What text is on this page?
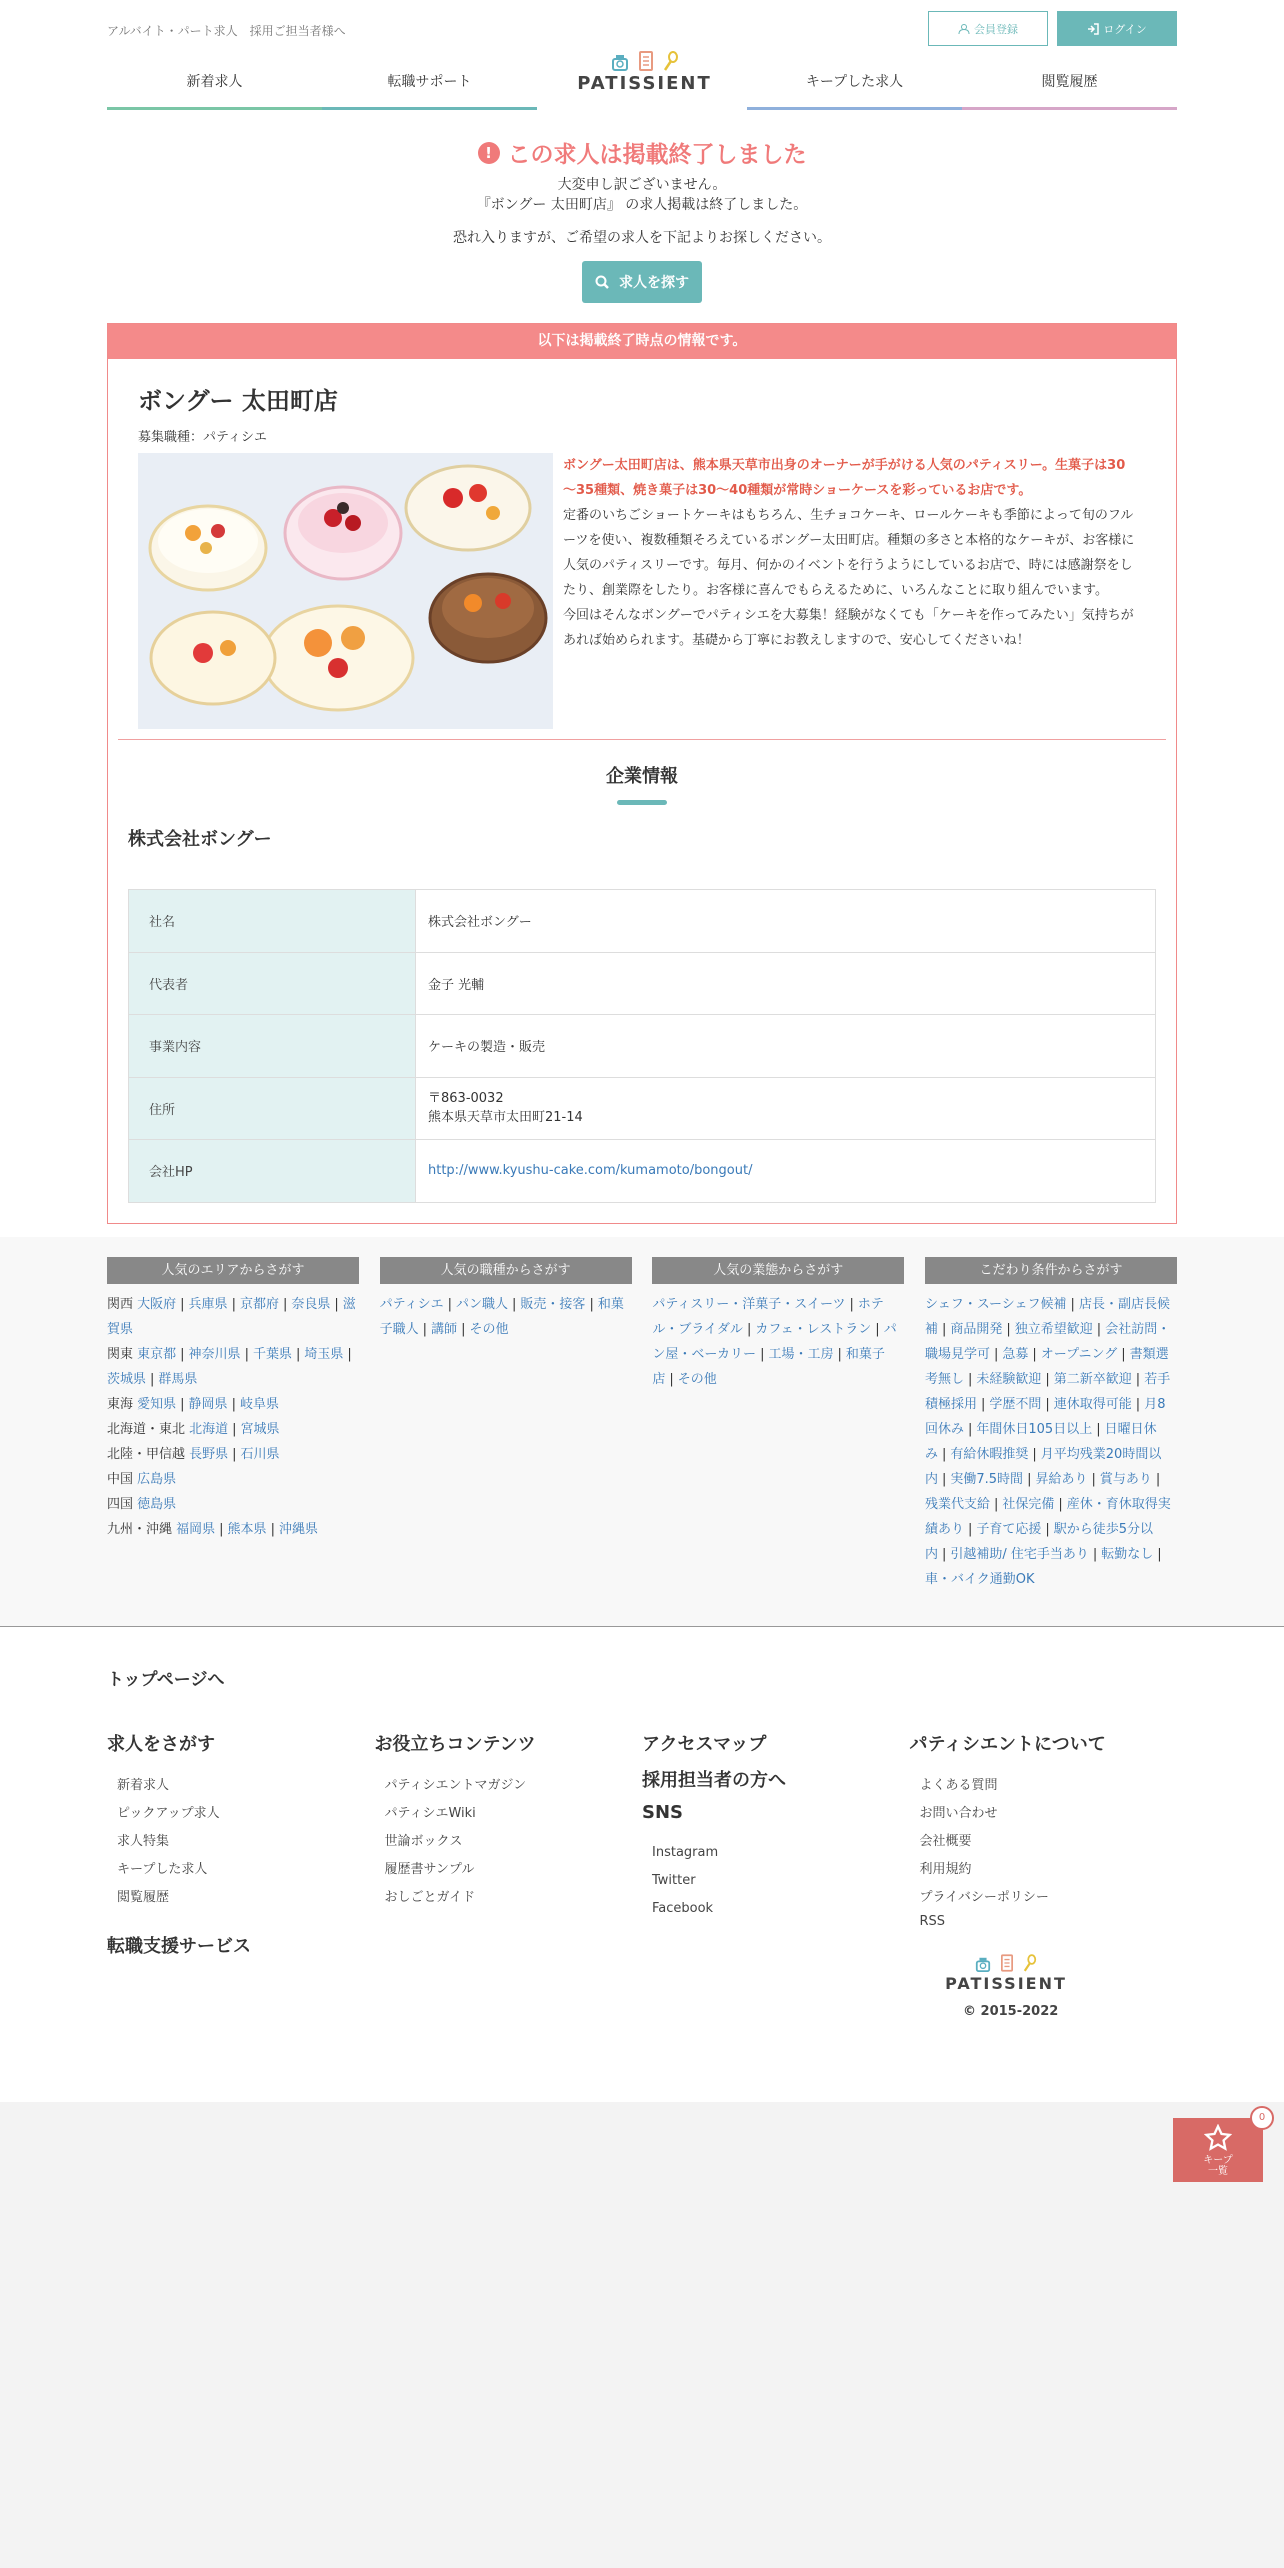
アルバイト・パート求人　採用ご担当者様へ	会員登録	ログイン
新着求人	転職サポート	PATISSIENT	キープした求人	閲覧履歴
! この求人は掲載終了しました
大変申し訳ございません。
『ボングー 太田町店』 の求人掲載は終了しました。
恐れ入りますが、ご希望の求人を下記よりお探しください。
求人を探す
以下は掲載終了時点の情報です。
ボングー 太田町店
募集職種：パティシエ
ボングー太田町店は、熊本県天草市出身のオーナーが手がける人気のパティスリー。生菓子は30～35種類、焼き菓子は30～40種類が常時ショーケースを彩っているお店です。
定番のいちごショートケーキはもちろん、生チョコケーキ、ロールケーキも季節によって旬のフルーツを使い、複数種類そろえているボングー太田町店。種類の多さと本格的なケーキが、お客様に人気のパティスリーです。毎月、何かのイベントを行うようにしているお店で、時には感謝祭をしたり、創業際をしたり。お客様に喜んでもらえるために、いろんなことに取り組んでいます。
今回はそんなボングーでパティシエを大募集！経験がなくても「ケーキを作ってみたい」気持ちがあれば始められます。基礎から丁寧にお教えしますので、安心してくださいね！
企業情報
株式会社ボングー
社名	株式会社ボングー
代表者	金子 光輔
事業内容	ケーキの製造・販売
住所	〒863-0032
熊本県天草市太田町21-14

会社HP	http://www.kyushu-cake.com/kumamoto/bongout/
人気のエリアからさがす
関西 大阪府 | 兵庫県 | 京都府 | 奈良県 | 滋賀県
関東 東京都 | 神奈川県 | 千葉県 | 埼玉県 |茨城県 | 群馬県
東海 愛知県 | 静岡県 | 岐阜県
北海道・東北 北海道 | 宮城県
北陸・甲信越 長野県 | 石川県
中国 広島県
四国 徳島県
九州・沖縄 福岡県 | 熊本県 | 沖縄県
人気の職種からさがす
パティシエ | パン職人 | 販売・接客 | 和菓子職人 | 講師 | その他
人気の業態からさがす
パティスリー・洋菓子・スイーツ | ホテル・ブライダル | カフェ・レストラン | パン屋・ベーカリー | 工場・工房 | 和菓子店 | その他
こだわり条件からさがす
シェフ・スーシェフ候補 | 店長・副店長候補 | 商品開発 | 独立希望歓迎 | 会社訪問・職場見学可 | 急募 | オープニング | 書類選考無し | 未経験歓迎 | 第二新卒歓迎 | 若手積極採用 | 学歴不問 | 連休取得可能 | 月8回休み | 年間休日105日以上 | 日曜日休み | 有給休暇推奨 | 月平均残業20時間以内 | 実働7.5時間 | 昇給あり | 賞与あり |残業代支給 | 社保完備 | 産休・育休取得実績あり | 子育て応援 | 駅から徒歩5分以内 | 引越補助/ 住宅手当あり | 転勤なし |車・バイク通勤OK
トップページへ
求人をさがす
新着求人
ピックアップ求人
求人特集
キープした求人
閲覧履歴
転職支援サービス
お役立ちコンテンツ
パティシエントマガジン
パティシエWiki
世論ボックス
履歴書サンプル
おしごとガイド
アクセスマップ
採用担当者の方へ
SNS
Instagram
Twitter
Facebook
パティシエントについて
よくある質問
お問い合わせ
会社概要
利用規約
プライバシーポリシー
RSS
PATISSIENT
© 2015-2022
キープ
一覧
0
